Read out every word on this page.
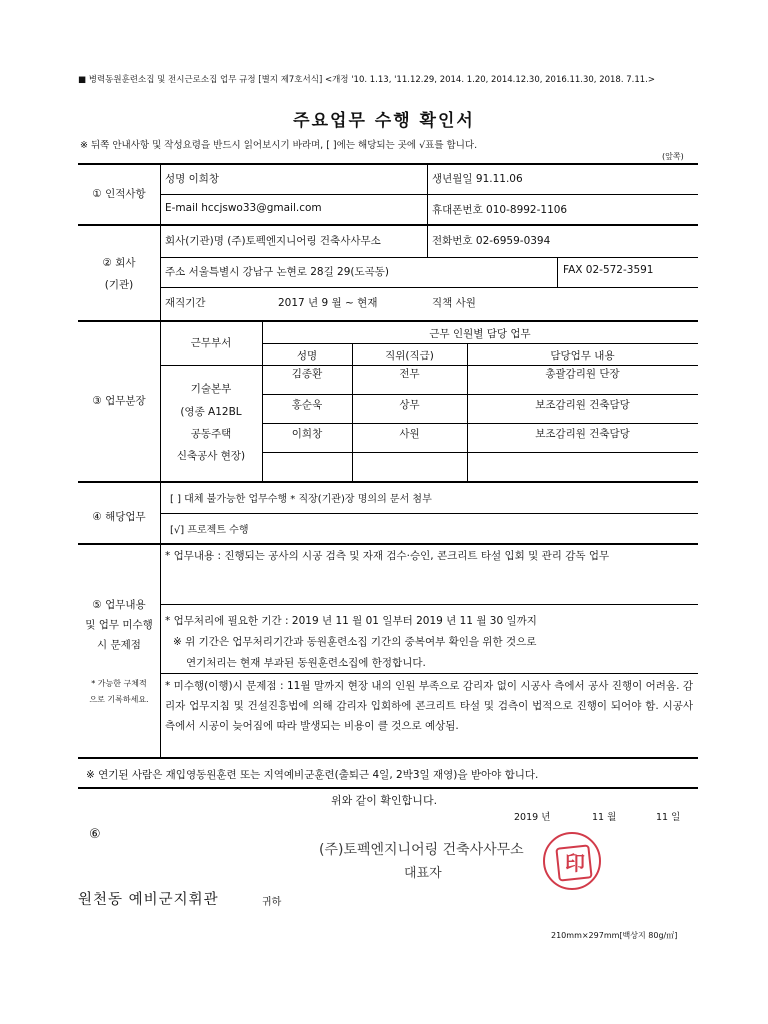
■ 병력동원훈련소집 및 전시근로소집 업무 규정 [별지 제7호서식] <개정 '10. 1.13, '11.12.29, 2014. 1.20, 2014.12.30, 2016.11.30, 2018. 7.11.>
주요업무 수행 확인서
※ 뒤쪽 안내사항 및 작성요령을 반드시 읽어보시기 바라며, [ ]에는 해당되는 곳에 √표를 합니다.
(앞쪽)
① 인적사항
성명 이희창	생년월일 91.11.06
E-mail hccjswo33@gmail.com	휴대폰번호 010-8992-1106
② 회사
(기관)
회사(기관)명 (주)토펙엔지니어링 건축사사무소	전화번호 02-6959-0394
주소 서울특별시 강남구 논현로 28길 29(도곡동)	FAX 02-572-3591
재직기간	2017 년 9 월 ~ 현재	직책 사원
③ 업무분장
근무부서
근무 인원별 담당 업무
성명	직위(직급)	담당업무 내용
기술본부
(영종 A12BL
공동주택
신축공사 현장)
김종환	전무	총괄감리원 단장
홍순욱	상무	보조감리원 건축담당
이희창	사원	보조감리원 건축담당
④ 해당업무
[ ] 대체 불가능한 업무수행 * 직장(기관)장 명의의 문서 첨부
[√] 프로젝트 수행
⑤ 업무내용
및 업무 미수행
시 문제점
* 가능한 구체적
으로 기록하세요.
* 업무내용 : 진행되는 공사의 시공 검측 및 자재 검수·승인, 콘크리트 타설 입회 및 관리 감독 업무
* 업무처리에 필요한 기간 : 2019 년 11 월 01 일부터 2019 년 11 월 30 일까지
※ 위 기간은 업무처리기간과 동원훈련소집 기간의 중복여부 확인을 위한 것으로
연기처리는 현재 부과된 동원훈련소집에 한정합니다.
* 미수행(이행)시 문제점 : 11월 말까지 현장 내의 인원 부족으로 감리자 없이 시공사 측에서 공사 진행이 어려움. 감리자 업무지침 및 건설진흥법에 의해 감리자 입회하에 콘크리트 타설 및 검측이 법적으로 진행이 되어야 함. 시공사 측에서 시공이 늦어짐에 따라 발생되는 비용이 클 것으로 예상됨.
※ 연기된 사람은 재입영동원훈련 또는 지역예비군훈련(출퇴근 4일, 2박3일 재영)을 받아야 합니다.
위와 같이 확인합니다.
2019 년	11 월	11 일
⑥
(주)토펙엔지니어링 건축사사무소
대표자	印
원천동 예비군지휘관	귀하
210mm×297mm[백상지 80g/㎡]
